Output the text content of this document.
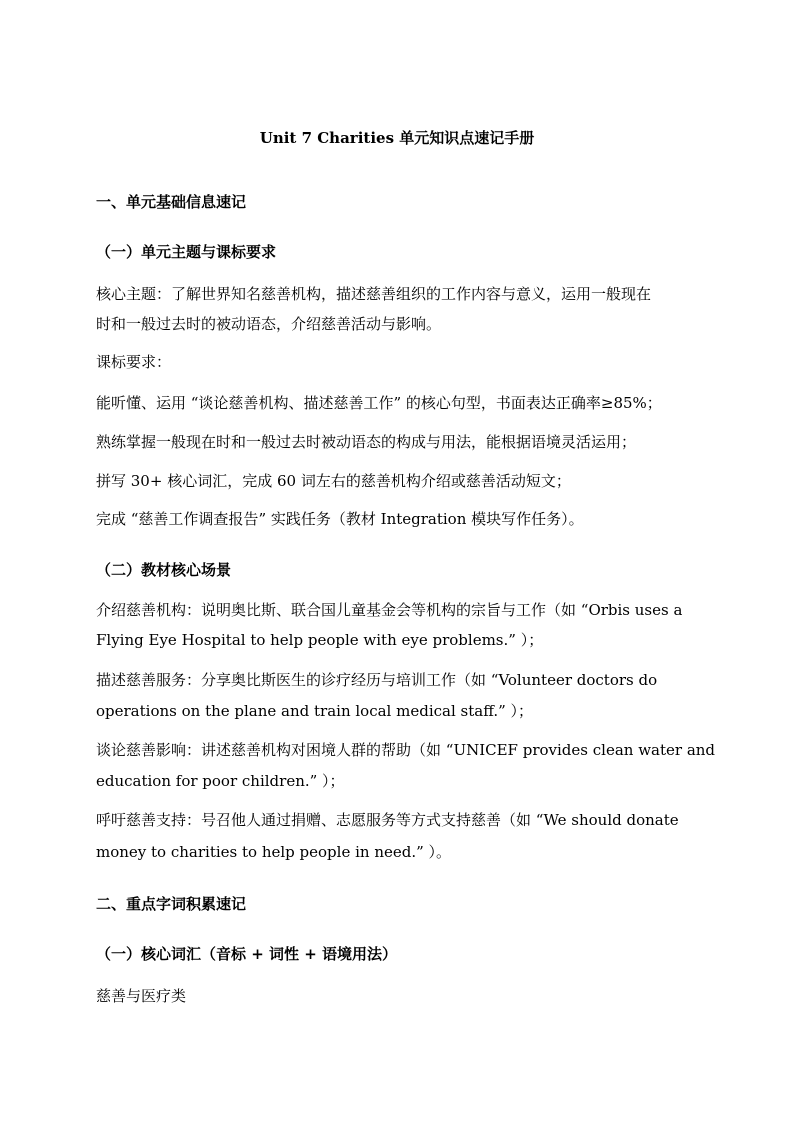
Unit 7 Charities 单元知识点速记手册
一、单元基础信息速记
（一）单元主题与课标要求
核心主题：了解世界知名慈善机构，描述慈善组织的工作内容与意义，运用一般现在
时和一般过去时的被动语态，介绍慈善活动与影响。
课标要求：
能听懂、运用 “谈论慈善机构、描述慈善工作” 的核心句型，书面表达正确率≥85%；
熟练掌握一般现在时和一般过去时被动语态的构成与用法，能根据语境灵活运用；
拼写 30+ 核心词汇，完成 60 词左右的慈善机构介绍或慈善活动短文；
完成 “慈善工作调查报告” 实践任务（教材 Integration 模块写作任务）。
（二）教材核心场景
介绍慈善机构：说明奥比斯、联合国儿童基金会等机构的宗旨与工作（如 “Orbis uses a
Flying Eye Hospital to help people with eye problems.” ）；
描述慈善服务：分享奥比斯医生的诊疗经历与培训工作（如 “Volunteer doctors do
operations on the plane and train local medical staff.” ）；
谈论慈善影响：讲述慈善机构对困境人群的帮助（如 “UNICEF provides clean water and
education for poor children.” ）；
呼吁慈善支持：号召他人通过捐赠、志愿服务等方式支持慈善（如 “We should donate
money to charities to help people in need.” ）。
二、重点字词积累速记
（一）核心词汇（音标 + 词性 + 语境用法）
慈善与医疗类
